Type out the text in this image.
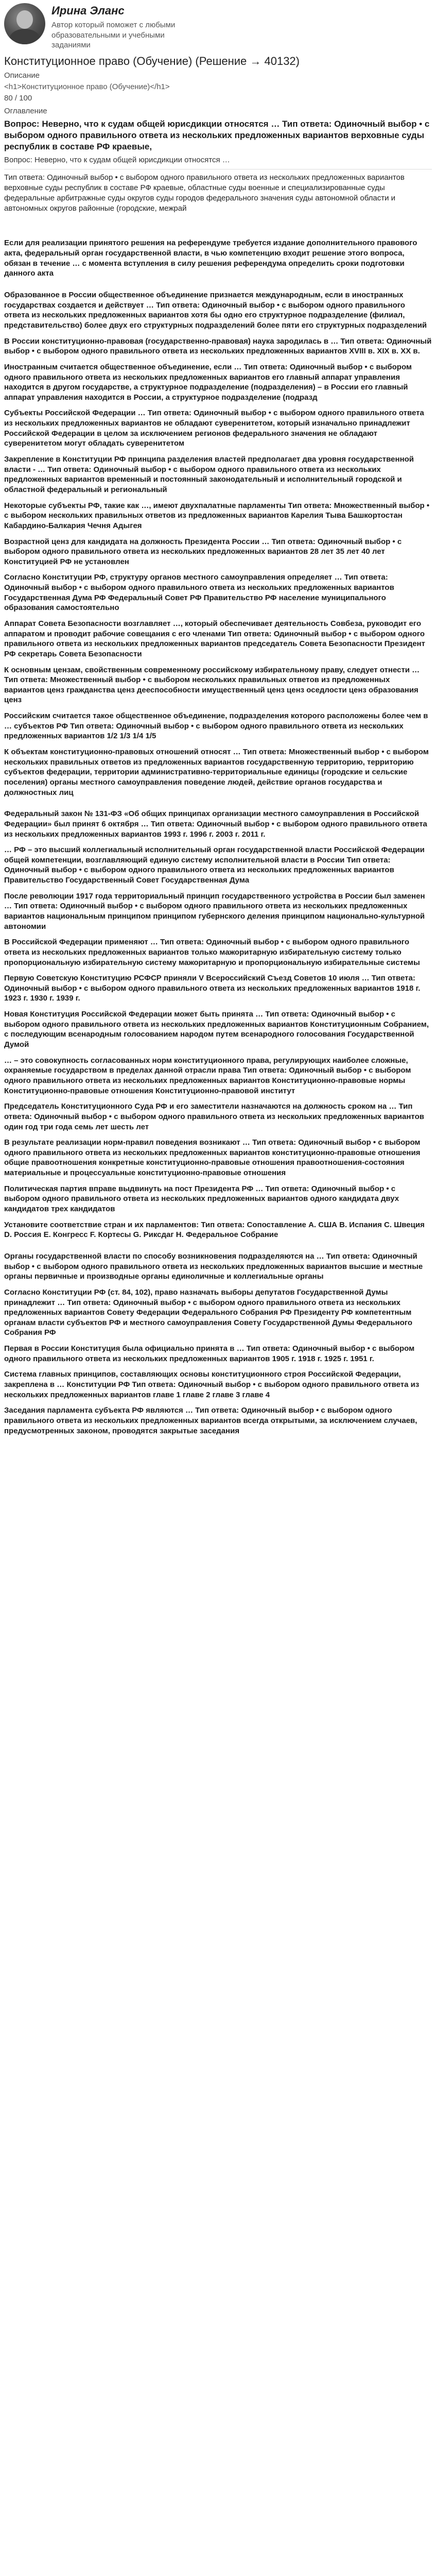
Ирина Эланс
Автор который поможет с любыми образовательными и учебными заданиями
Конституционное право (Обучение) (Решение → 40132)
Описание
<h1>Конституционное право (Обучение)</h1>
80 / 100
Оглавление
Вопрос: Неверно, что к судам общей юрисдикции относятся … Тип ответа: Одиночный выбор • с выбором одного правильного ответа из нескольких предложенных вариантов верховные суды республик в составе РФ краевые,
Вопрос: Неверно, что к судам общей юрисдикции относятся …
Тип ответа: Одиночный выбор • с выбором одного правильного ответа из нескольких предложенных вариантов верховные суды республик в составе РФ краевые, областные суды военные и специализированные суды федеральные арбитражные суды округов суды городов федерального значения суды автономной области и автономных округов районные (городские, межрай

Если для реализации принятого решения на референдуме требуется издание дополнительного правового акта, федеральный орган государственной власти, в чью компетенцию входит решение этого вопроса, обязан в течение … с момента вступления в силу решения референдума определить сроки подготовки данного акта

Образованное в России общественное объединение признается международным, если в иностранных государствах создается и действует … Тип ответа: Одиночный выбор • с выбором одного правильного ответа из нескольких предложенных вариантов хотя бы одно его структурное подразделение (филиал, представительство) более двух его структурных подразделений более пяти его структурных подразделений

В России конституционно-правовая (государственно-правовая) наука зародилась в … Тип ответа: Одиночный выбор • с выбором одного правильного ответа из нескольких предложенных вариантов XVIII в. XIX в. XX в.

Иностранным считается общественное объединение, если … Тип ответа: Одиночный выбор • с выбором одного правильного ответа из нескольких предложенных вариантов его главный аппарат управления находится в другом государстве, а структурное подразделение (подразделения) – в России его главный аппарат управления находится в России, а структурное подразделение (подразд

Субъекты Российской Федерации … Тип ответа: Одиночный выбор • с выбором одного правильного ответа из нескольких предложенных вариантов не обладают суверенитетом, который изначально принадлежит Российской Федерации в целом за исключением регионов федерального значения не обладают суверенитетом могут обладать суверенитетом

Закрепление в Конституции РФ принципа разделения властей предполагает два уровня государственной власти - … Тип ответа: Одиночный выбор • с выбором одного правильного ответа из нескольких предложенных вариантов временный и постоянный законодательный и исполнительный городской и областной федеральный и региональный

Некоторые субъекты РФ, такие как …, имеют двухпалатные парламенты Тип ответа: Множественный выбор • с выбором нескольких правильных ответов из предложенных вариантов Карелия Тыва Башкортостан Кабардино-Балкария Чечня Адыгея

Возрастной ценз для кандидата на должность Президента России … Тип ответа: Одиночный выбор • с выбором одного правильного ответа из нескольких предложенных вариантов 28 лет 35 лет 40 лет Конституцией РФ не установлен

Согласно Конституции РФ, структуру органов местного самоуправления определяет … Тип ответа: Одиночный выбор • с выбором одного правильного ответа из нескольких предложенных вариантов Государственная Дума РФ Федеральный Совет РФ Правительство РФ население муниципального образования самостоятельно

Аппарат Совета Безопасности возглавляет …, который обеспечивает деятельность Совбеза, руководит его аппаратом и проводит рабочие совещания с его членами Тип ответа: Одиночный выбор • с выбором одного правильного ответа из нескольких предложенных вариантов председатель Совета Безопасности Президент РФ секретарь Совета Безопасности

К основным цензам, свойственным современному российскому избирательному праву, следует отнести … Тип ответа: Множественный выбор • с выбором нескольких правильных ответов из предложенных вариантов ценз гражданства ценз дееспособности имущественный ценз ценз оседлости ценз образования ценз

Российским считается такое общественное объединение, подразделения которого расположены более чем в … субъектов РФ Тип ответа: Одиночный выбор • с выбором одного правильного ответа из нескольких предложенных вариантов 1/2 1/3 1/4 1/5

К объектам конституционно-правовых отношений относят … Тип ответа: Множественный выбор • с выбором нескольких правильных ответов из предложенных вариантов государственную территорию, территорию субъектов федерации, территории административно-территориальные единицы (городские и сельские поселения) органы местного самоуправления поведение людей, действие органов государства и должностных лиц

Федеральный закон № 131-ФЗ «Об общих принципах организации местного самоуправления в Российской Федерации» был принят 6 октября … Тип ответа: Одиночный выбор • с выбором одного правильного ответа из нескольких предложенных вариантов 1993 г. 1996 г. 2003 г. 2011 г.

… РФ – это высший коллегиальный исполнительный орган государственной власти Российской Федерации общей компетенции, возглавляющий единую систему исполнительной власти в России Тип ответа: Одиночный выбор • с выбором одного правильного ответа из нескольких предложенных вариантов Правительство Государственный Совет Государственная Дума

После революции 1917 года территориальный принцип государственного устройства в России был заменен … Тип ответа: Одиночный выбор • с выбором одного правильного ответа из нескольких предложенных вариантов национальным принципом принципом губернского деления принципом национально-культурной автономии

В Российской Федерации применяют … Тип ответа: Одиночный выбор • с выбором одного правильного ответа из нескольких предложенных вариантов только мажоритарную избирательную систему только пропорциональную избирательную систему мажоритарную и пропорциональную избирательные системы

Первую Советскую Конституцию РСФСР приняли V Всероссийский Съезд Советов 10 июля … Тип ответа: Одиночный выбор • с выбором одного правильного ответа из нескольких предложенных вариантов 1918 г. 1923 г. 1930 г. 1939 г.

Новая Конституция Российской Федерации может быть принята … Тип ответа: Одиночный выбор • с выбором одного правильного ответа из нескольких предложенных вариантов Конституционным Собранием, с последующим всенародным голосованием народом путем всенародного голосования Государственной Думой

… – это совокупность согласованных норм конституционного права, регулирующих наиболее сложные, охраняемые государством в пределах данной отрасли права Тип ответа: Одиночный выбор • с выбором одного правильного ответа из нескольких предложенных вариантов Конституционно-правовые нормы Конституционно-правовые отношения Конституционно-правовой институт

Председатель Конституционного Суда РФ и его заместители назначаются на должность сроком на … Тип ответа: Одиночный выбор • с выбором одного правильного ответа из нескольких предложенных вариантов один год три года семь лет шесть лет

В результате реализации норм-правил поведения возникают … Тип ответа: Одиночный выбор • с выбором одного правильного ответа из нескольких предложенных вариантов конституционно-правовые отношения общие правоотношения конкретные конституционно-правовые отношения правоотношения-состояния материальные и процессуальные конституционно-правовые отношения

Политическая партия вправе выдвинуть на пост Президента РФ … Тип ответа: Одиночный выбор • с выбором одного правильного ответа из нескольких предложенных вариантов одного кандидата двух кандидатов трех кандидатов

Установите соответствие стран и их парламентов: Тип ответа: Сопоставление A. США B. Испания C. Швеция D. Россия E. Конгресс F. Кортесы G. Риксдаг H. Федеральное Собрание

Органы государственной власти по способу возникновения подразделяются на … Тип ответа: Одиночный выбор • с выбором одного правильного ответа из нескольких предложенных вариантов высшие и местные органы первичные и производные органы единоличные и коллегиальные органы

Согласно Конституции РФ (ст. 84, 102), право назначать выборы депутатов Государственной Думы принадлежит … Тип ответа: Одиночный выбор • с выбором одного правильного ответа из нескольких предложенных вариантов Совету Федерации Федерального Собрания РФ Президенту РФ компетентным органам власти субъектов РФ и местного самоуправления Совету Государственной Думы Федерального Собрания РФ

Первая в России Конституция была официально принята в … Тип ответа: Одиночный выбор • с выбором одного правильного ответа из нескольких предложенных вариантов 1905 г. 1918 г. 1925 г. 1951 г.

Система главных принципов, составляющих основы конституционного строя Российской Федерации, закреплена в … Конституции РФ Тип ответа: Одиночный выбор • с выбором одного правильного ответа из нескольких предложенных вариантов главе 1 главе 2 главе 3 главе 4

Заседания парламента субъекта РФ являются … Тип ответа: Одиночный выбор • с выбором одного правильного ответа из нескольких предложенных вариантов всегда открытыми, за исключением случаев, предусмотренных законом, проводятся закрытые заседания
